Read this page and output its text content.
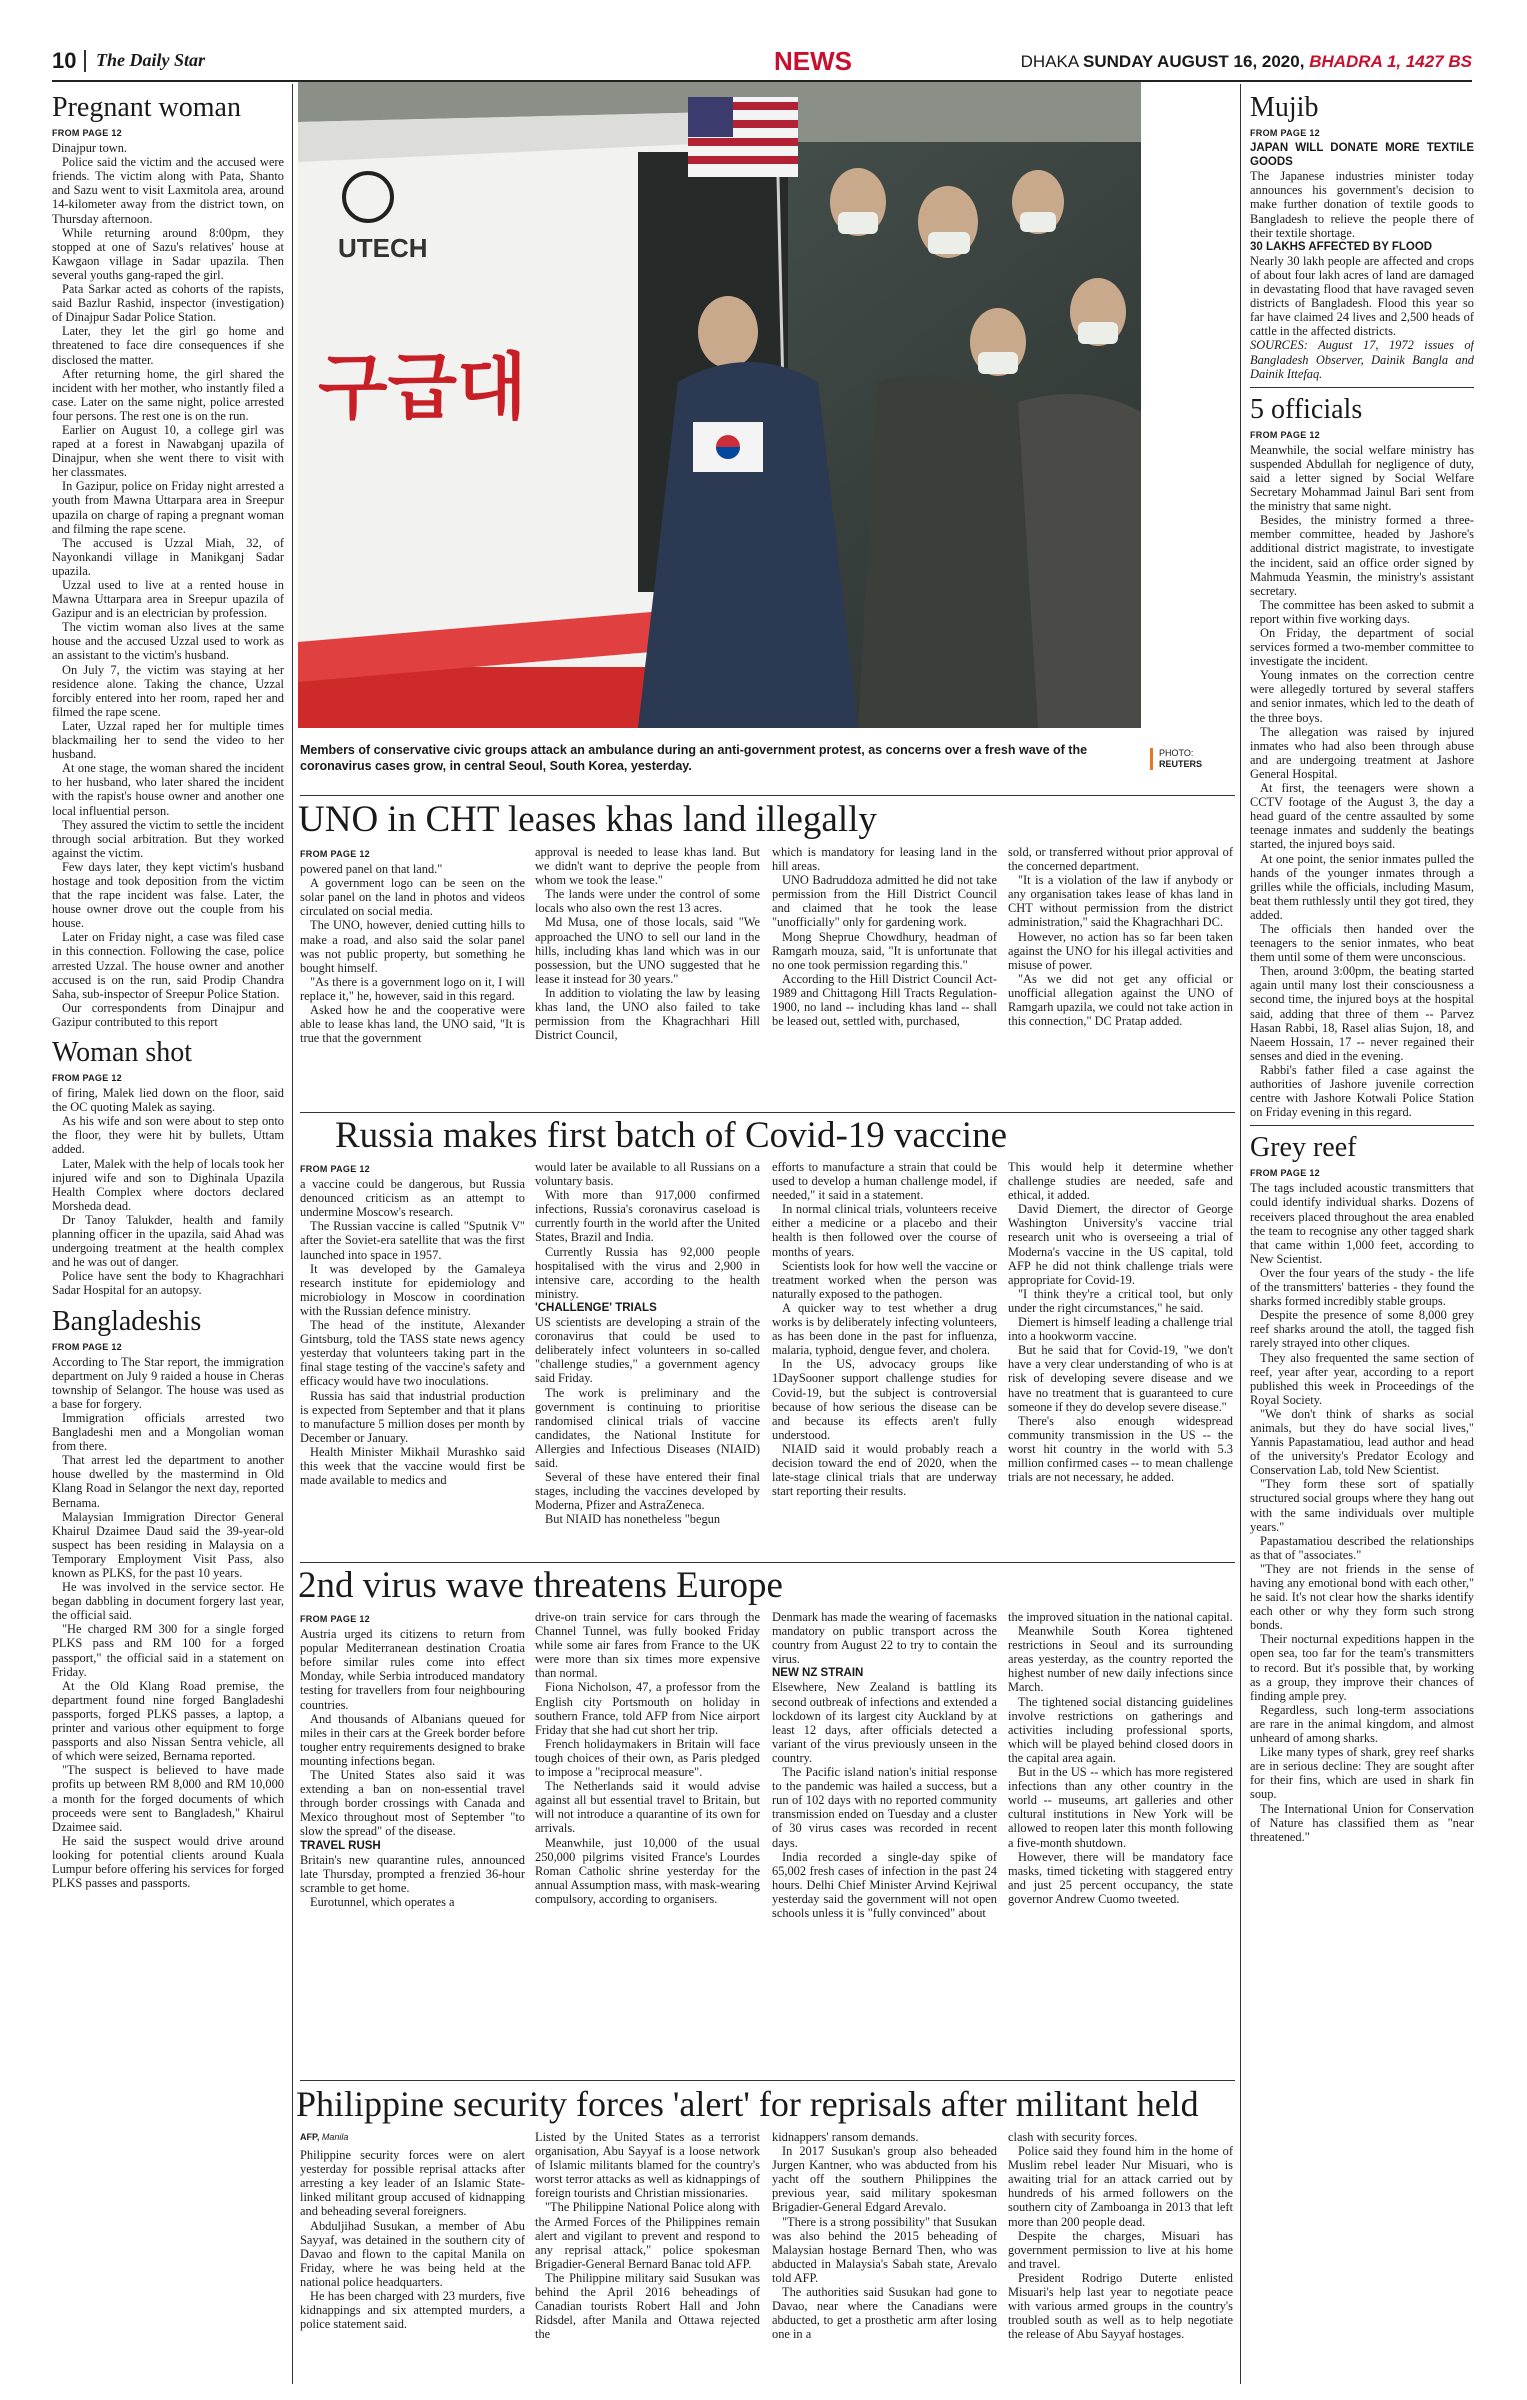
10 The Daily Star	NEWS	DHAKA SUNDAY AUGUST 16, 2020, BHADRA 1, 1427 BS
Pregnant woman
FROM PAGE 12

Dinajpur town.

Police said the victim and the accused were friends. The victim along with Pata, Shanto and Sazu went to visit Laxmitola area, around 14-kilometer away from the district town, on Thursday afternoon.

While returning around 8:00pm, they stopped at one of Sazu's relatives' house at Kawgaon village in Sadar upazila. Then several youths gang-raped the girl.

Pata Sarkar acted as cohorts of the rapists, said Bazlur Rashid, inspector (investigation) of Dinajpur Sadar Police Station.

Later, they let the girl go home and threatened to face dire consequences if she disclosed the matter.

After returning home, the girl shared the incident with her mother, who instantly filed a case. Later on the same night, police arrested four persons. The rest one is on the run.

Earlier on August 10, a college girl was raped at a forest in Nawabganj upazila of Dinajpur, when she went there to visit with her classmates.

In Gazipur, police on Friday night arrested a youth from Mawna Uttarpara area in Sreepur upazila on charge of raping a pregnant woman and filming the rape scene.

The accused is Uzzal Miah, 32, of Nayonkandi village in Manikganj Sadar upazila.

Uzzal used to live at a rented house in Mawna Uttarpara area in Sreepur upazila of Gazipur and is an electrician by profession.

The victim woman also lives at the same house and the accused Uzzal used to work as an assistant to the victim's husband.

On July 7, the victim was staying at her residence alone. Taking the chance, Uzzal forcibly entered into her room, raped her and filmed the rape scene.

Later, Uzzal raped her for multiple times blackmailing her to send the video to her husband.

At one stage, the woman shared the incident to her husband, who later shared the incident with the rapist's house owner and another one local influential person.

They assured the victim to settle the incident through social arbitration. But they worked against the victim.

Few days later, they kept victim's husband hostage and took deposition from the victim that the rape incident was false. Later, the house owner drove out the couple from his house.

Later on Friday night, a case was filed case in this connection. Following the case, police arrested Uzzal. The house owner and another accused is on the run, said Prodip Chandra Saha, sub-inspector of Sreepur Police Station.

Our correspondents from Dinajpur and Gazipur contributed to this report

Woman shot
FROM PAGE 12

of firing, Malek lied down on the floor, said the OC quoting Malek as saying.

As his wife and son were about to step onto the floor, they were hit by bullets, Uttam added.

Later, Malek with the help of locals took her injured wife and son to Dighinala Upazila Health Complex where doctors declared Morsheda dead.

Dr Tanoy Talukder, health and family planning officer in the upazila, said Ahad was undergoing treatment at the health complex and he was out of danger.

Police have sent the body to Khagrachhari Sadar Hospital for an autopsy.

Bangladeshis
FROM PAGE 12

According to The Star report, the immigration department on July 9 raided a house in Cheras township of Selangor. The house was used as a base for forgery.

Immigration officials arrested two Bangladeshi men and a Mongolian woman from there.

That arrest led the department to another house dwelled by the mastermind in Old Klang Road in Selangor the next day, reported Bernama.

Malaysian Immigration Director General Khairul Dzaimee Daud said the 39-year-old suspect has been residing in Malaysia on a Temporary Employment Visit Pass, also known as PLKS, for the past 10 years.

He was involved in the service sector. He began dabbling in document forgery last year, the official said.

"He charged RM 300 for a single forged PLKS pass and RM 100 for a forged passport," the official said in a statement on Friday.

At the Old Klang Road premise, the department found nine forged Bangladeshi passports, forged PLKS passes, a laptop, a printer and various other equipment to forge passports and also Nissan Sentra vehicle, all of which were seized, Bernama reported.

"The suspect is believed to have made profits up between RM 8,000 and RM 10,000 a month for the forged documents of which proceeds were sent to Bangladesh," Khairul Dzaimee said.

He said the suspect would drive around looking for potential clients around Kuala Lumpur before offering his services for forged PLKS passes and passports.

Mujib
FROM PAGE 12
JAPAN WILL DONATE MORE TEXTILE GOODS

The Japanese industries minister today announces his government's decision to make further donation of textile goods to Bangladesh to relieve the people there of their textile shortage.

30 LAKHS AFFECTED BY FLOOD

Nearly 30 lakh people are affected and crops of about four lakh acres of land are damaged in devastating flood that have ravaged seven districts of Bangladesh. Flood this year so far have claimed 24 lives and 2,500 heads of cattle in the affected districts.

SOURCES: August 17, 1972 issues of Bangladesh Observer, Dainik Bangla and Dainik Ittefaq.

5 officials
FROM PAGE 12

Meanwhile, the social welfare ministry has suspended Abdullah for negligence of duty, said a letter signed by Social Welfare Secretary Mohammad Jainul Bari sent from the ministry that same night.

Besides, the ministry formed a three-member committee, headed by Jashore's additional district magistrate, to investigate the incident, said an office order signed by Mahmuda Yeasmin, the ministry's assistant secretary.

The committee has been asked to submit a report within five working days.

On Friday, the department of social services formed a two-member committee to investigate the incident.

Young inmates on the correction centre were allegedly tortured by several staffers and senior inmates, which led to the death of the three boys.

The allegation was raised by injured inmates who had also been through abuse and are undergoing treatment at Jashore General Hospital.

At first, the teenagers were shown a CCTV footage of the August 3, the day a head guard of the centre assaulted by some teenage inmates and suddenly the beatings started, the injured boys said.

At one point, the senior inmates pulled the hands of the younger inmates through a grilles while the officials, including Masum, beat them ruthlessly until they got tired, they added.

The officials then handed over the teenagers to the senior inmates, who beat them until some of them were unconscious.

Then, around 3:00pm, the beating started again until many lost their consciousness a second time, the injured boys at the hospital said, adding that three of them -- Parvez Hasan Rabbi, 18, Rasel alias Sujon, 18, and Naeem Hossain, 17 -- never regained their senses and died in the evening.

Rabbi's father filed a case against the authorities of Jashore juvenile correction centre with Jashore Kotwali Police Station on Friday evening in this regard.

Grey reef
FROM PAGE 12

The tags included acoustic transmitters that could identify individual sharks. Dozens of receivers placed throughout the area enabled the team to recognise any other tagged shark that came within 1,000 feet, according to New Scientist.

Over the four years of the study - the life of the transmitters' batteries - they found the sharks formed incredibly stable groups.

Despite the presence of some 8,000 grey reef sharks around the atoll, the tagged fish rarely strayed into other cliques.

They also frequented the same section of reef, year after year, according to a report published this week in Proceedings of the Royal Society.

"We don't think of sharks as social animals, but they do have social lives," Yannis Papastamatiou, lead author and head of the university's Predator Ecology and Conservation Lab, told New Scientist.

"They form these sort of spatially structured social groups where they hang out with the same individuals over multiple years."

Papastamatiou described the relationships as that of "associates."

"They are not friends in the sense of having any emotional bond with each other," he said. It's not clear how the sharks identify each other or why they form such strong bonds.

Their nocturnal expeditions happen in the open sea, too far for the team's transmitters to record. But it's possible that, by working as a group, they improve their chances of finding ample prey.

Regardless, such long-term associations are rare in the animal kingdom, and almost unheard of among sharks.

Like many types of shark, grey reef sharks are in serious decline: They are sought after for their fins, which are used in shark fin soup.

The International Union for Conservation of Nature has classified them as "near threatened."

UTECH
구급대
Members of conservative civic groups attack an ambulance during an anti-government protest, as concerns over a fresh wave of the coronavirus cases grow, in central Seoul, South Korea, yesterday.
PHOTO:
REUTERS
UNO in CHT leases khas land illegally
FROM PAGE 12

powered panel on that land."

A government logo can be seen on the solar panel on the land in photos and videos circulated on social media.

The UNO, however, denied cutting hills to make a road, and also said the solar panel was not public property, but something he bought himself.

"As there is a government logo on it, I will replace it," he, however, said in this regard.

Asked how he and the cooperative were able to lease khas land, the UNO said, "It is true that the government

approval is needed to lease khas land. But we didn't want to deprive the people from whom we took the lease."

The lands were under the control of some locals who also own the rest 13 acres.

Md Musa, one of those locals, said "We approached the UNO to sell our land in the hills, including khas land which was in our possession, but the UNO suggested that he lease it instead for 30 years."

In addition to violating the law by leasing khas land, the UNO also failed to take permission from the Khagrachhari Hill District Council,

which is mandatory for leasing land in the hill areas.

UNO Badruddoza admitted he did not take permission from the Hill District Council and claimed that he took the lease "unofficially" only for gardening work.

Mong Sheprue Chowdhury, headman of Ramgarh mouza, said, "It is unfortunate that no one took permission regarding this."

According to the Hill District Council Act-1989 and Chittagong Hill Tracts Regulation-1900, no land -- including khas land -- shall be leased out, settled with, purchased,

sold, or transferred without prior approval of the concerned department.

"It is a violation of the law if anybody or any organisation takes lease of khas land in CHT without permission from the district administration," said the Khagrachhari DC.

However, no action has so far been taken against the UNO for his illegal activities and misuse of power.

"As we did not get any official or unofficial allegation against the UNO of Ramgarh upazila, we could not take action in this connection," DC Pratap added.

Russia makes first batch of Covid-19 vaccine
FROM PAGE 12

a vaccine could be dangerous, but Russia denounced criticism as an attempt to undermine Moscow's research.

The Russian vaccine is called "Sputnik V" after the Soviet-era satellite that was the first launched into space in 1957.

It was developed by the Gamaleya research institute for epidemiology and microbiology in Moscow in coordination with the Russian defence ministry.

The head of the institute, Alexander Gintsburg, told the TASS state news agency yesterday that volunteers taking part in the final stage testing of the vaccine's safety and efficacy would have two inoculations.

Russia has said that industrial production is expected from September and that it plans to manufacture 5 million doses per month by December or January.

Health Minister Mikhail Murashko said this week that the vaccine would first be made available to medics and

would later be available to all Russians on a voluntary basis.

With more than 917,000 confirmed infections, Russia's coronavirus caseload is currently fourth in the world after the United States, Brazil and India.

Currently Russia has 92,000 people hospitalised with the virus and 2,900 in intensive care, according to the health ministry.

'CHALLENGE' TRIALS

US scientists are developing a strain of the coronavirus that could be used to deliberately infect volunteers in so-called "challenge studies," a government agency said Friday.

The work is preliminary and the government is continuing to prioritise randomised clinical trials of vaccine candidates, the National Institute for Allergies and Infectious Diseases (NIAID) said.

Several of these have entered their final stages, including the vaccines developed by Moderna, Pfizer and AstraZeneca.

But NIAID has nonetheless "begun

efforts to manufacture a strain that could be used to develop a human challenge model, if needed," it said in a statement.

In normal clinical trials, volunteers receive either a medicine or a placebo and their health is then followed over the course of months of years.

Scientists look for how well the vaccine or treatment worked when the person was naturally exposed to the pathogen.

A quicker way to test whether a drug works is by deliberately infecting volunteers, as has been done in the past for influenza, malaria, typhoid, dengue fever, and cholera.

In the US, advocacy groups like 1DaySooner support challenge studies for Covid-19, but the subject is controversial because of how serious the disease can be and because its effects aren't fully understood.

NIAID said it would probably reach a decision toward the end of 2020, when the late-stage clinical trials that are underway start reporting their results.

This would help it determine whether challenge studies are needed, safe and ethical, it added.

David Diemert, the director of George Washington University's vaccine trial research unit who is overseeing a trial of Moderna's vaccine in the US capital, told AFP he did not think challenge trials were appropriate for Covid-19.

"I think they're a critical tool, but only under the right circumstances," he said.

Diemert is himself leading a challenge trial into a hookworm vaccine.

But he said that for Covid-19, "we don't have a very clear understanding of who is at risk of developing severe disease and we have no treatment that is guaranteed to cure someone if they do develop severe disease."

There's also enough widespread community transmission in the US -- the worst hit country in the world with 5.3 million confirmed cases -- to mean challenge trials are not necessary, he added.

2nd virus wave threatens Europe
FROM PAGE 12

Austria urged its citizens to return from popular Mediterranean destination Croatia before similar rules come into effect Monday, while Serbia introduced mandatory testing for travellers from four neighbouring countries.

And thousands of Albanians queued for miles in their cars at the Greek border before tougher entry requirements designed to brake mounting infections began.

The United States also said it was extending a ban on non-essential travel through border crossings with Canada and Mexico throughout most of September "to slow the spread" of the disease.

TRAVEL RUSH

Britain's new quarantine rules, announced late Thursday, prompted a frenzied 36-hour scramble to get home.

Eurotunnel, which operates a

drive-on train service for cars through the Channel Tunnel, was fully booked Friday while some air fares from France to the UK were more than six times more expensive than normal.

Fiona Nicholson, 47, a professor from the English city Portsmouth on holiday in southern France, told AFP from Nice airport Friday that she had cut short her trip.

French holidaymakers in Britain will face tough choices of their own, as Paris pledged to impose a "reciprocal measure".

The Netherlands said it would advise against all but essential travel to Britain, but will not introduce a quarantine of its own for arrivals.

Meanwhile, just 10,000 of the usual 250,000 pilgrims visited France's Lourdes Roman Catholic shrine yesterday for the annual Assumption mass, with mask-wearing compulsory, according to organisers.

Denmark has made the wearing of facemasks mandatory on public transport across the country from August 22 to try to contain the virus.

NEW NZ STRAIN

Elsewhere, New Zealand is battling its second outbreak of infections and extended a lockdown of its largest city Auckland by at least 12 days, after officials detected a variant of the virus previously unseen in the country.

The Pacific island nation's initial response to the pandemic was hailed a success, but a run of 102 days with no reported community transmission ended on Tuesday and a cluster of 30 virus cases was recorded in recent days.

India recorded a single-day spike of 65,002 fresh cases of infection in the past 24 hours. Delhi Chief Minister Arvind Kejriwal yesterday said the government will not open schools unless it is "fully convinced" about

the improved situation in the national capital.

Meanwhile South Korea tightened restrictions in Seoul and its surrounding areas yesterday, as the country reported the highest number of new daily infections since March.

The tightened social distancing guidelines involve restrictions on gatherings and activities including professional sports, which will be played behind closed doors in the capital area again.

But in the US -- which has more registered infections than any other country in the world -- museums, art galleries and other cultural institutions in New York will be allowed to reopen later this month following a five-month shutdown.

However, there will be mandatory face masks, timed ticketing with staggered entry and just 25 percent occupancy, the state governor Andrew Cuomo tweeted.

Philippine security forces 'alert' for reprisals after militant held
AFP, Manila

Philippine security forces were on alert yesterday for possible reprisal attacks after arresting a key leader of an Islamic State-linked militant group accused of kidnapping and beheading several foreigners.

Abduljihad Susukan, a member of Abu Sayyaf, was detained in the southern city of Davao and flown to the capital Manila on Friday, where he was being held at the national police headquarters.

He has been charged with 23 murders, five kidnappings and six attempted murders, a police statement said.

Listed by the United States as a terrorist organisation, Abu Sayyaf is a loose network of Islamic militants blamed for the country's worst terror attacks as well as kidnappings of foreign tourists and Christian missionaries.

"The Philippine National Police along with the Armed Forces of the Philippines remain alert and vigilant to prevent and respond to any reprisal attack," police spokesman Brigadier-General Bernard Banac told AFP.

The Philippine military said Susukan was behind the April 2016 beheadings of Canadian tourists Robert Hall and John Ridsdel, after Manila and Ottawa rejected the

kidnappers' ransom demands.

In 2017 Susukan's group also beheaded Jurgen Kantner, who was abducted from his yacht off the southern Philippines the previous year, said military spokesman Brigadier-General Edgard Arevalo.

"There is a strong possibility" that Susukan was also behind the 2015 beheading of Malaysian hostage Bernard Then, who was abducted in Malaysia's Sabah state, Arevalo told AFP.

The authorities said Susukan had gone to Davao, near where the Canadians were abducted, to get a prosthetic arm after losing one in a

clash with security forces.

Police said they found him in the home of Muslim rebel leader Nur Misuari, who is awaiting trial for an attack carried out by hundreds of his armed followers on the southern city of Zamboanga in 2013 that left more than 200 people dead.

Despite the charges, Misuari has government permission to live at his home and travel.

President Rodrigo Duterte enlisted Misuari's help last year to negotiate peace with various armed groups in the country's troubled south as well as to help negotiate the release of Abu Sayyaf hostages.
